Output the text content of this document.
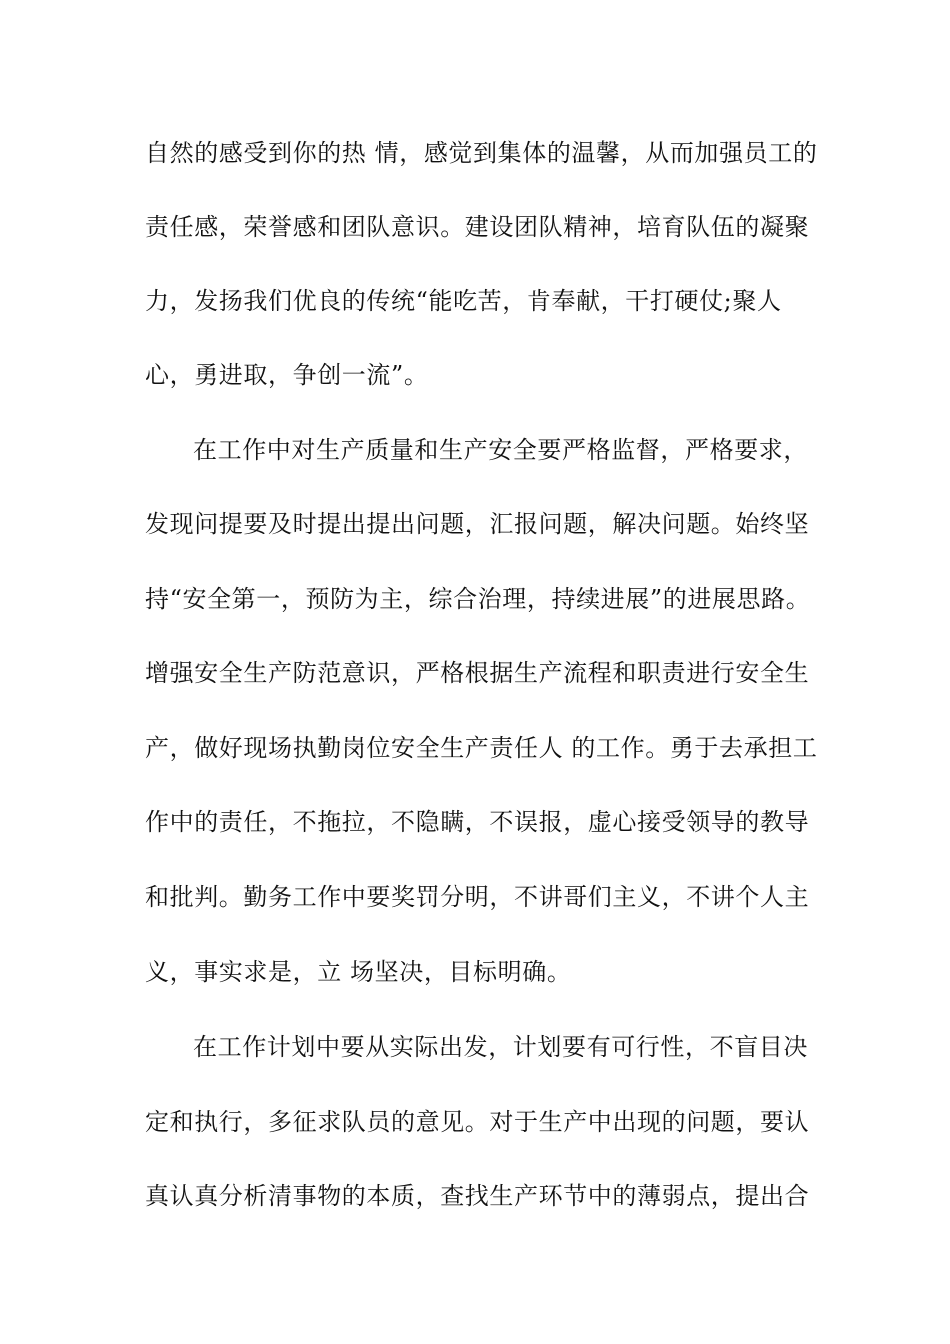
自然的感受到你的热 情，感觉到集体的温馨，从而加强员工的

责任感，荣誉感和团队意识。建设团队精神，培育队伍的凝聚

力，发扬我们优良的传统“能吃苦，肯奉献，干打硬仗;聚人

心，勇进取，争创一流”。

在工作中对生产质量和生产安全要严格监督，严格要求，

发现问提要及时提出提出问题，汇报问题，解决问题。始终坚

持“安全第一，预防为主，综合治理，持续进展”的进展思路。

增强安全生产防范意识，严格根据生产流程和职责进行安全生

产，做好现场执勤岗位安全生产责任人 的工作。勇于去承担工

作中的责任，不拖拉，不隐瞒，不误报，虚心接受领导的教导

和批判。勤务工作中要奖罚分明，不讲哥们主义，不讲个人主

义，事实求是，立 场坚决，目标明确。

在工作计划中要从实际出发，计划要有可行性，不盲目决

定和执行，多征求队员的意见。对于生产中出现的问题，要认

真认真分析清事物的本质，查找生产环节中的薄弱点，提出合
